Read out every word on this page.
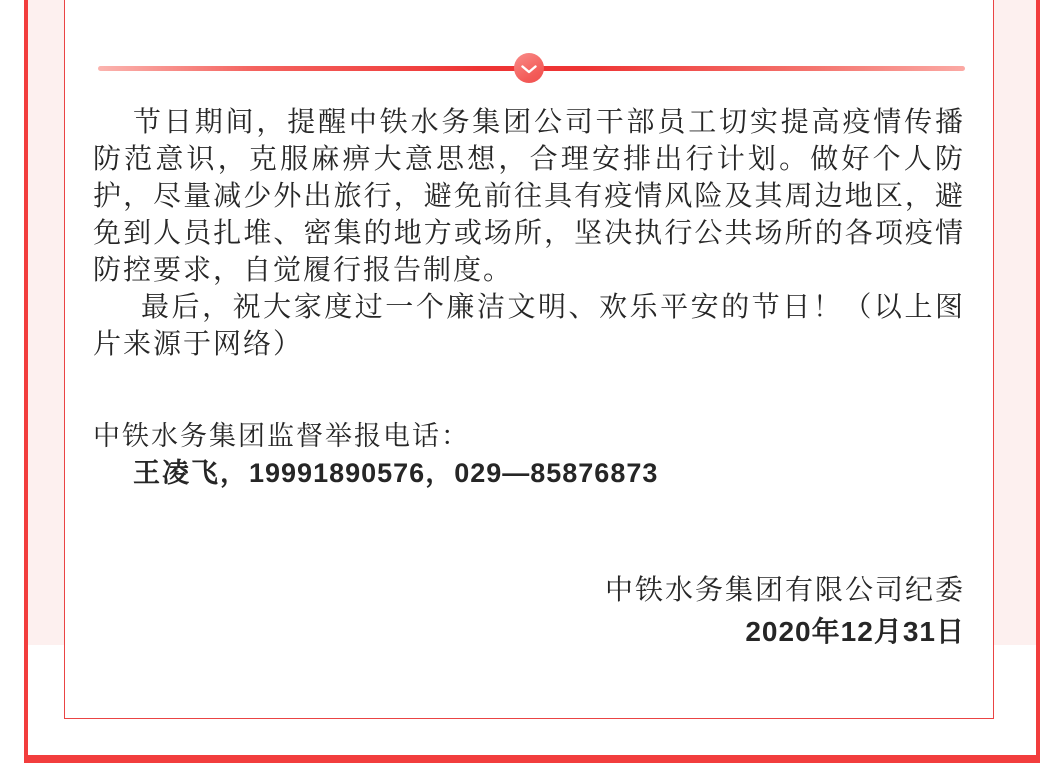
节日期间，提醒中铁水务集团公司干部员工切实提高疫情传播防范意识，克服麻痹大意思想，合理安排出行计划。做好个人防护，尽量减少外出旅行，避免前往具有疫情风险及其周边地区，避免到人员扎堆、密集的地方或场所，坚决执行公共场所的各项疫情防控要求，自觉履行报告制度。

最后，祝大家度过一个廉洁文明、欢乐平安的节日！（以上图片来源于网络）

中铁水务集团监督举报电话：

王凌飞，19991890576，029—85876873

中铁水务集团有限公司纪委

2020年12月31日
